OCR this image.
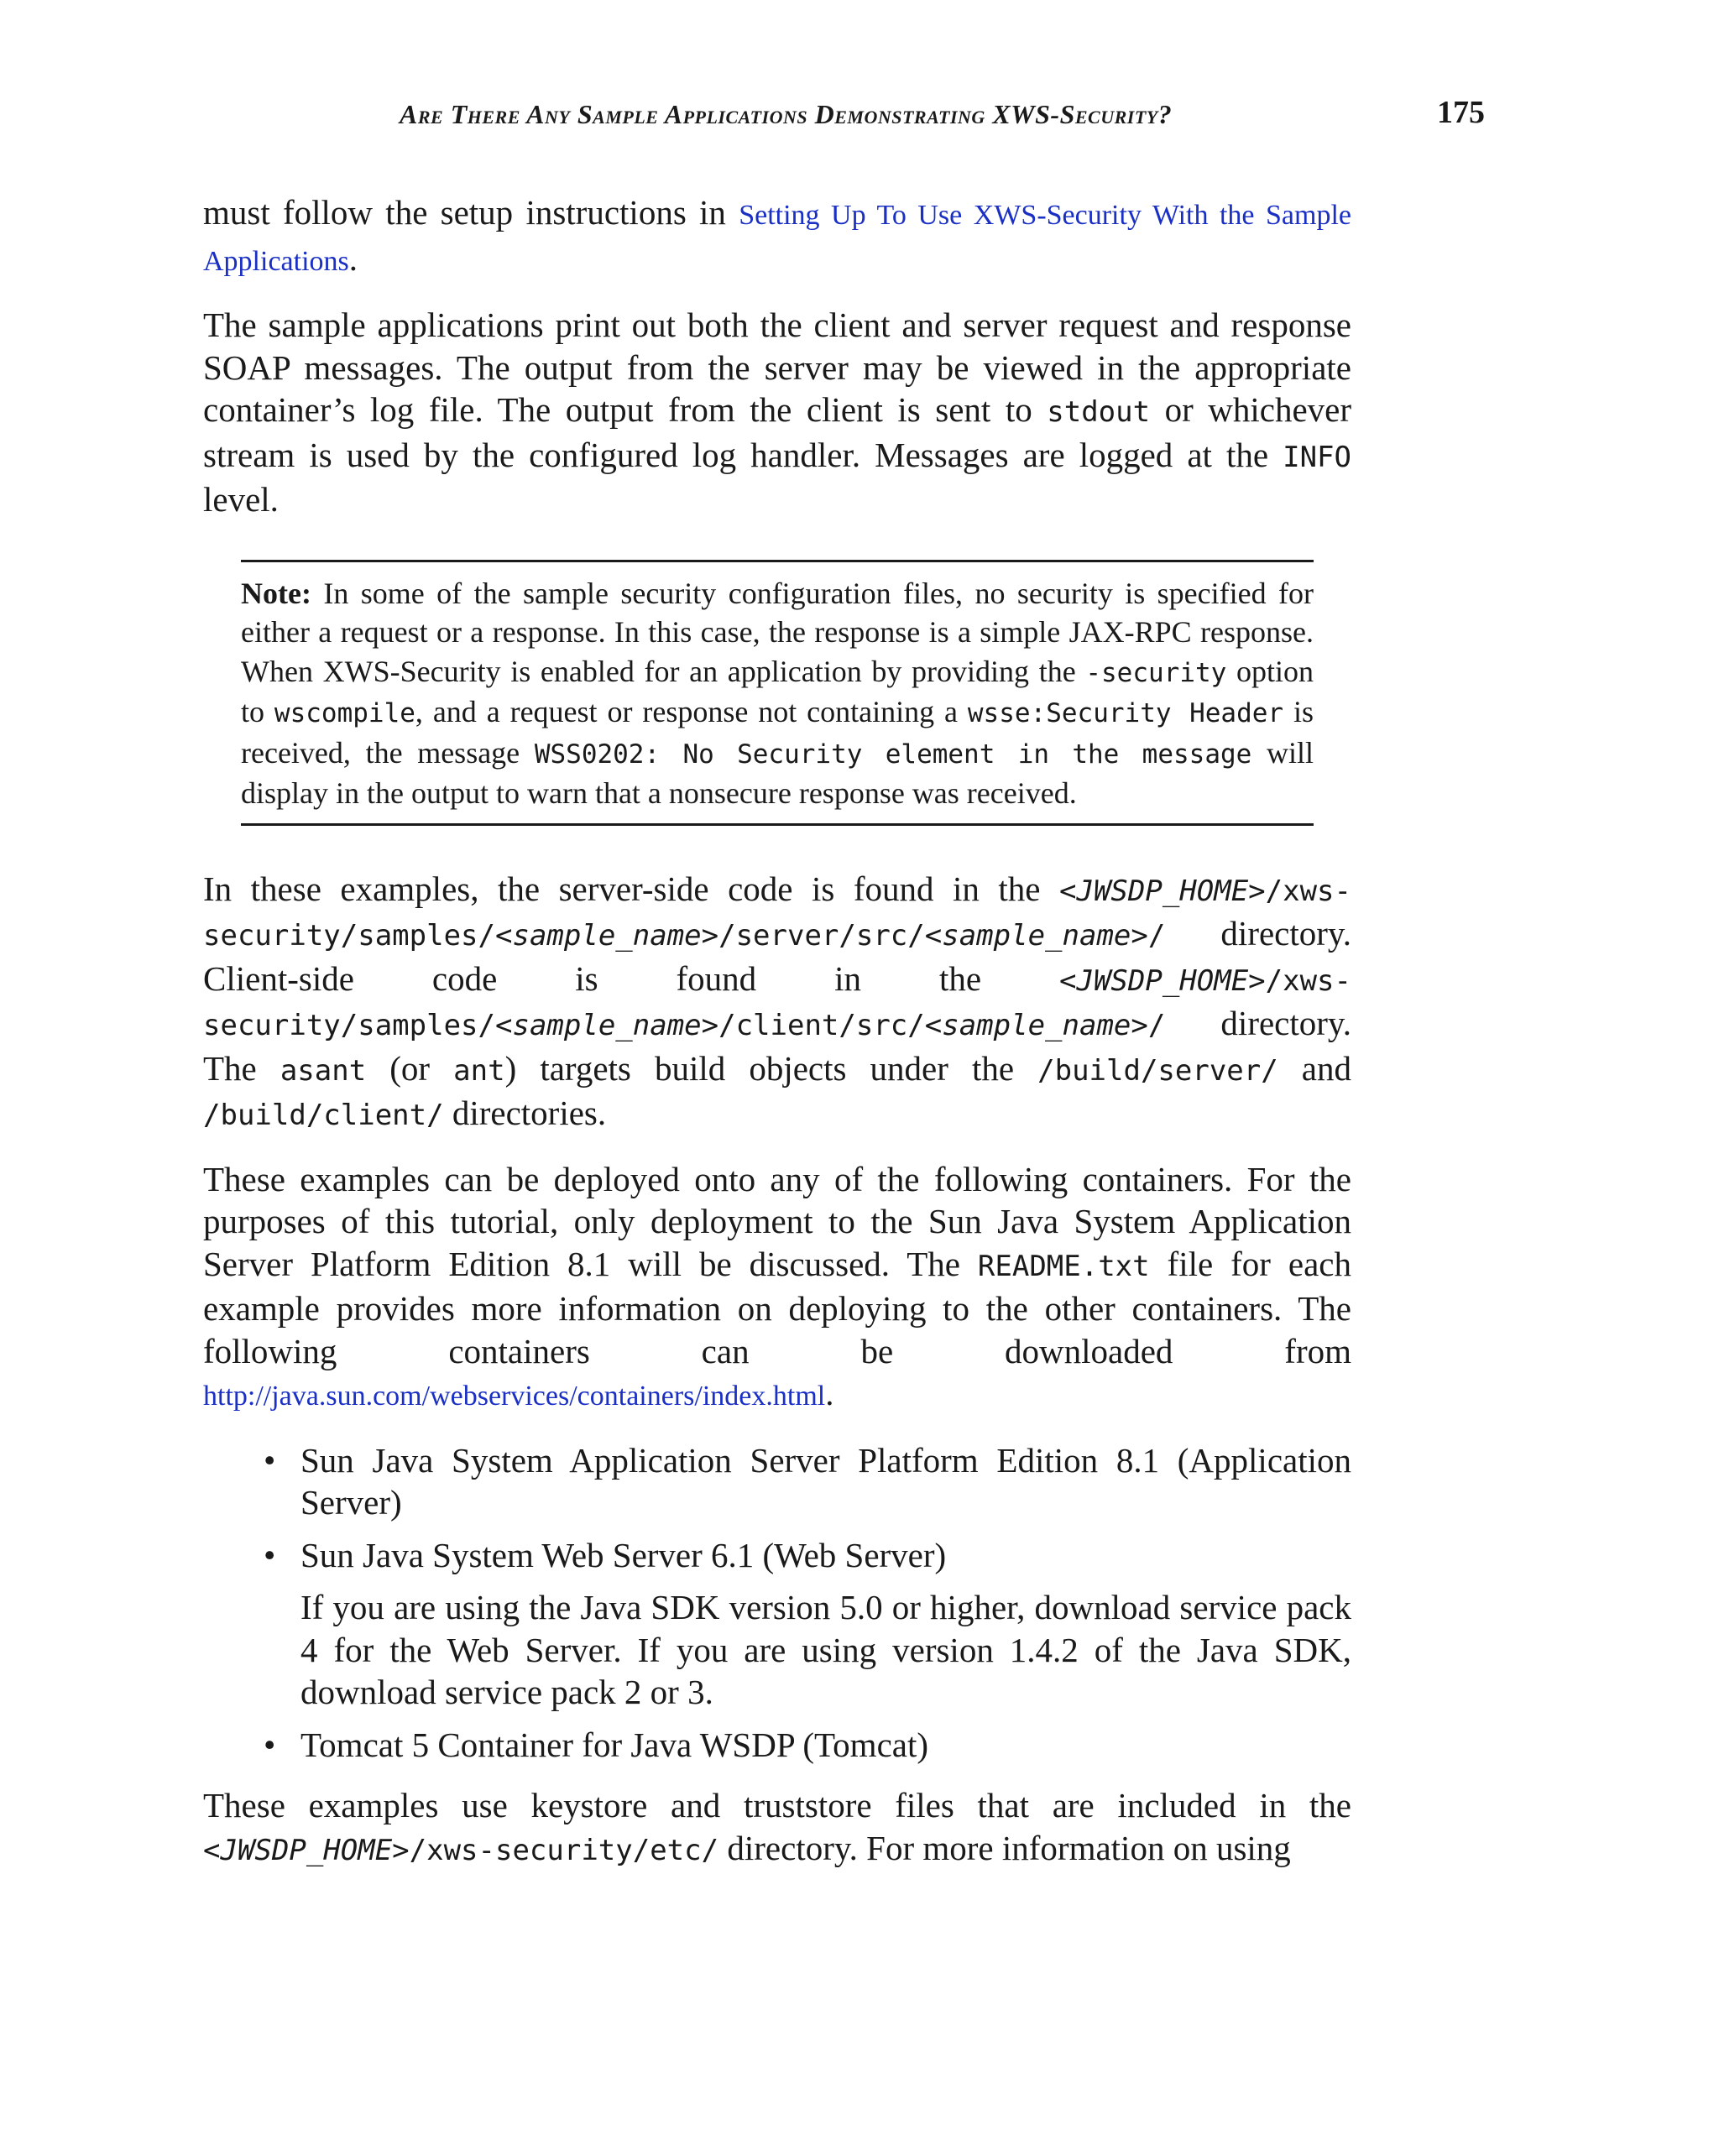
Are There Any Sample Applications Demonstrating XWS-Security?	175

must follow the setup instructions in Setting Up To Use XWS-Security With the Sample Applications.

The sample applications print out both the client and server request and response SOAP messages. The output from the server may be viewed in the appropriate container’s log file. The output from the client is sent to stdout or whichever stream is used by the configured log handler. Messages are logged at the INFO level.

Note: In some of the sample security configuration files, no security is specified for either a request or a response. In this case, the response is a simple JAX-RPC response. When XWS-Security is enabled for an application by providing the -security option to wscompile, and a request or response not containing a wsse:Security Header is received, the message WSS0202: No Security element in the message will display in the output to warn that a nonsecure response was received.

In these examples, the server-side code is found in the <JWSDP_HOME>/xws-security/samples/<sample_name>/server/src/<sample_name>/ directory. Client-side code is found in the <JWSDP_HOME>/xws-security/samples/<sample_name>/client/src/<sample_name>/ directory. The asant (or ant) targets build objects under the /build/server/ and /build/client/ directories.

These examples can be deployed onto any of the following containers. For the purposes of this tutorial, only deployment to the Sun Java System Application Server Platform Edition 8.1 will be discussed. The README.txt file for each example provides more information on deploying to the other containers. The following containers can be downloaded from http://java.sun.com/webservices/containers/index.html.

• Sun Java System Application Server Platform Edition 8.1 (Application Server)
• Sun Java System Web Server 6.1 (Web Server)
If you are using the Java SDK version 5.0 or higher, download service pack 4 for the Web Server. If you are using version 1.4.2 of the Java SDK, download service pack 2 or 3.
• Tomcat 5 Container for Java WSDP (Tomcat)

These examples use keystore and truststore files that are included in the <JWSDP_HOME>/xws-security/etc/ directory. For more information on using
